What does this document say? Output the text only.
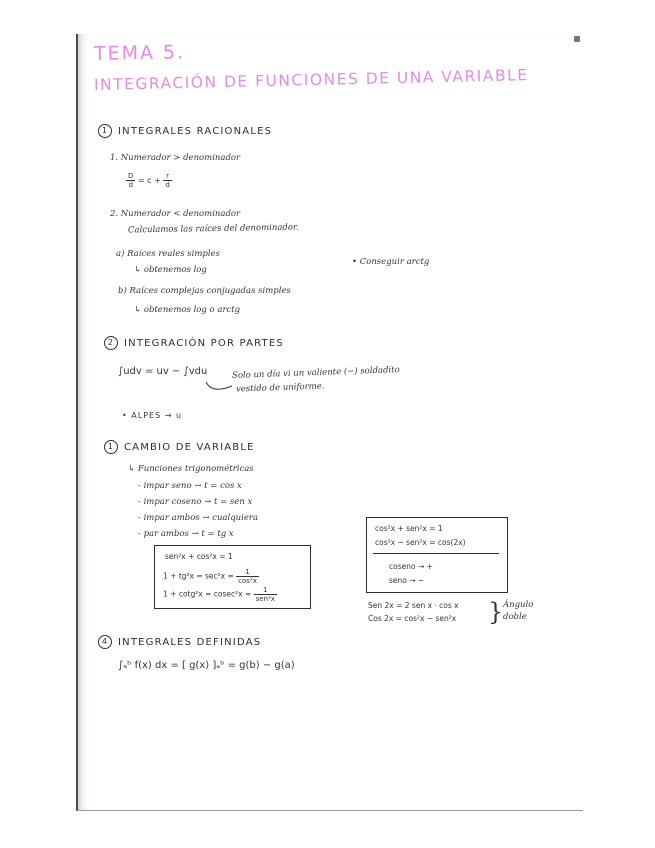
TEMA 5.
INTEGRACIÓN DE FUNCIONES DE UNA VARIABLE
1 INTEGRALES RACIONALES
1. Numerador > denominador
$\frac{D}{d} = c + \frac{r}{d}$
2. Numerador < denominador
Calculamos las raíces del denominador.
a) Raíces reales simples
↳ obtenemos log
• Conseguir arctg
b) Raíces complejas conjugadas simples
↳ obtenemos log o arctg
2 INTEGRACIÓN POR PARTES
∫udv = uv − ∫vdu	Solo un día vi un valiente (−) soldadito
vestido de uniforme.
• ALPES → u
1 CAMBIO DE VARIABLE
↳ Funciones trigonométricas
- impar seno → t = cos x
- impar coseno → t = sen x
- impar ambos → cualquiera
- par ambos → t = tg x
sen²x + cos²x = 1
$1 + tg^2x = \sec^2x = \frac{1}{\text{cos²x}}$
$1 + \cot g^2x = cosec^2x = \frac{1}{\text{sen²x}}$
cos²x + sen²x = 1
cos²x − sen²x = cos(2x)
coseno → +
seno → −
Sen 2x = 2 sen x · cos x
Cos 2x = cos²x − sen²x } Ángulo
doble
4 INTEGRALES DEFINIDAS
∫ₐᵇ f(x) dx = [ g(x) ]ₐᵇ = g(b) − g(a)
